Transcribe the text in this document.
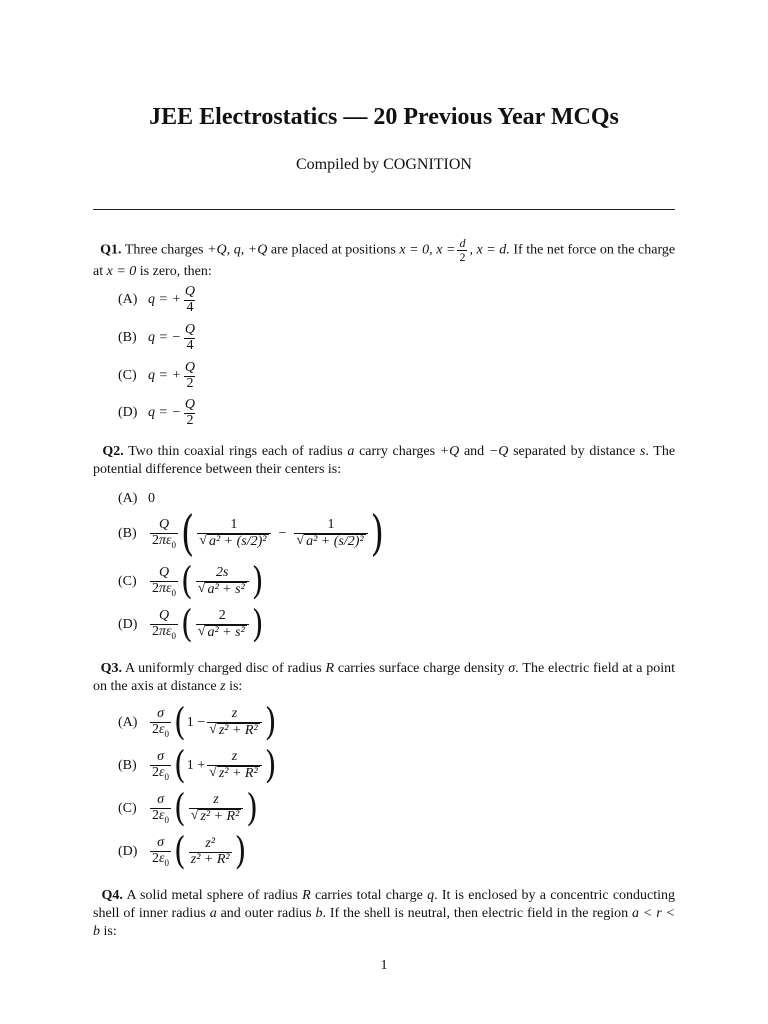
JEE Electrostatics — 20 Previous Year MCQs
Compiled by COGNITION
Q1. Three charges +Q, q, +Q are placed at positions x = 0, $x = \frac{d}{2}$ , x = d. If the net force on the charge at x = 0 is zero, then:
(A) q = + $\frac{Q}{4}$
(B) q = − $\frac{Q}{4}$
(C) q = + $\frac{Q}{2}$
(D) q = − $\frac{Q}{2}$
Q2. Two thin coaxial rings each of radius a carry charges +Q and −Q separated by distance s. The potential difference between their centers is:
(A) 0
$(B) \frac{Q}{2\pi\varepsilon_0}$ ( $\frac{1}{\text{√ a² + (s/2)²}} - \frac{1}{\text{√ a² + (s/2)²}}$ )
$(C) \frac{Q}{2\pi\varepsilon_0}$ ( $\frac{2s}{\text{√ a² + s²}}$ )
$(D) \frac{Q}{2\pi\varepsilon_0}$ ( $\frac{2}{\text{√ a² + s²}}$ )
Q3. A uniformly charged disc of radius R carries surface charge density σ. The electric field at a point on the axis at distance z is:
$(A) \frac{\sigma}{2\varepsilon_0}$ ( $1 - \frac{z}{\text{√ z² + R²}}$ )
$(B) \frac{\sigma}{2\varepsilon_0}$ ( $1 + \frac{z}{\text{√ z² + R²}}$ )
$(C) \frac{\sigma}{2\varepsilon_0}$ ( $\frac{z}{\text{√ z² + R²}}$ )
$(D) \frac{\sigma}{2\varepsilon_0}$ ( $\frac{\text{z²}}{\text{z² + R²}}$ )
Q4. A solid metal sphere of radius R carries total charge q. It is enclosed by a concentric conducting shell of inner radius a and outer radius b. If the shell is neutral, then electric field in the region a < r < b is:
1
